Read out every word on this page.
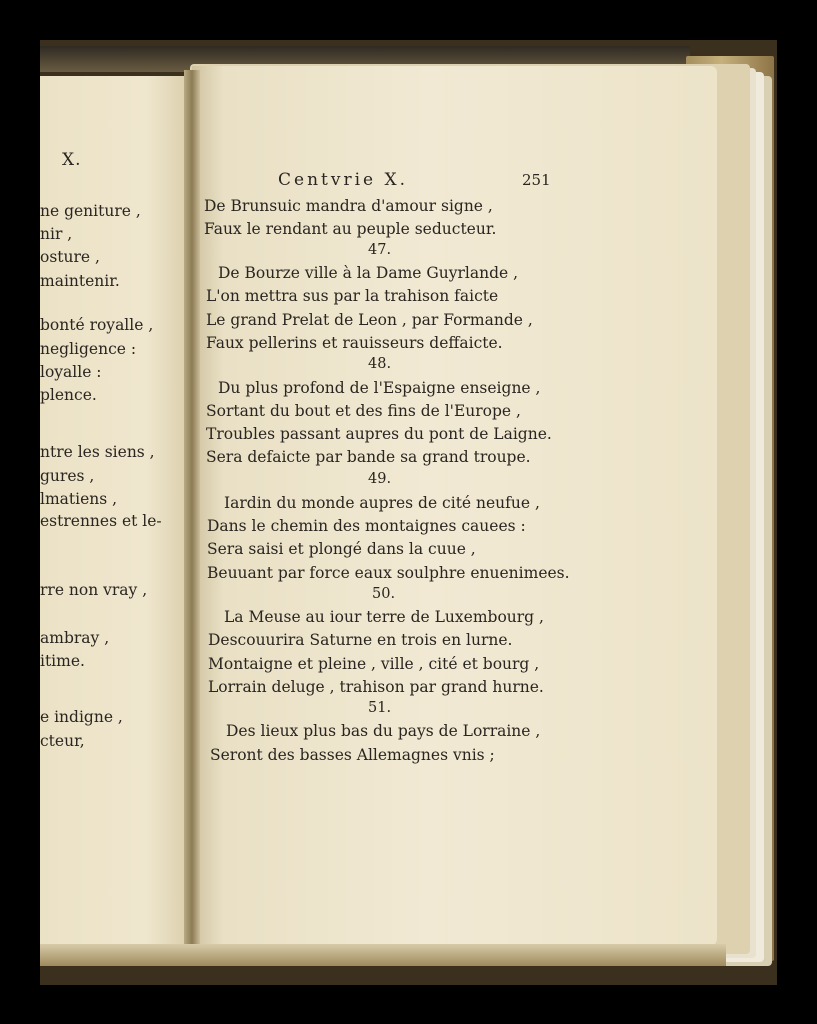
X.
ne geniture ,
nir ,
osture ,
maintenir.
bonté royalle ,
negligence :
loyalle :
plence.
ntre les siens ,
gures ,
lmatiens ,
estrennes et le-
rre non vray ,
ambray ,
itime.
e indigne ,
cteur,
Centvrie X.	251
De Brunsuic mandra d'amour signe ,
Faux le rendant au peuple seducteur.
47.
De Bourze ville à la Dame Guyrlande ,
L'on mettra sus par la trahison faicte
Le grand Prelat de Leon , par Formande ,
Faux pellerins et rauisseurs deffaicte.
48.
Du plus profond de l'Espaigne enseigne ,
Sortant du bout et des fins de l'Europe ,
Troubles passant aupres du pont de Laigne.
Sera defaicte par bande sa grand troupe.
49.
Iardin du monde aupres de cité neufue ,
Dans le chemin des montaignes cauees :
Sera saisi et plongé dans la cuue ,
Beuuant par force eaux soulphre enuenimees.
50.
La Meuse au iour terre de Luxembourg ,
Descouurira Saturne en trois en lurne.
Montaigne et pleine , ville , cité et bourg ,
Lorrain deluge , trahison par grand hurne.
51.
Des lieux plus bas du pays de Lorraine ,
Seront des basses Allemagnes vnis ;
